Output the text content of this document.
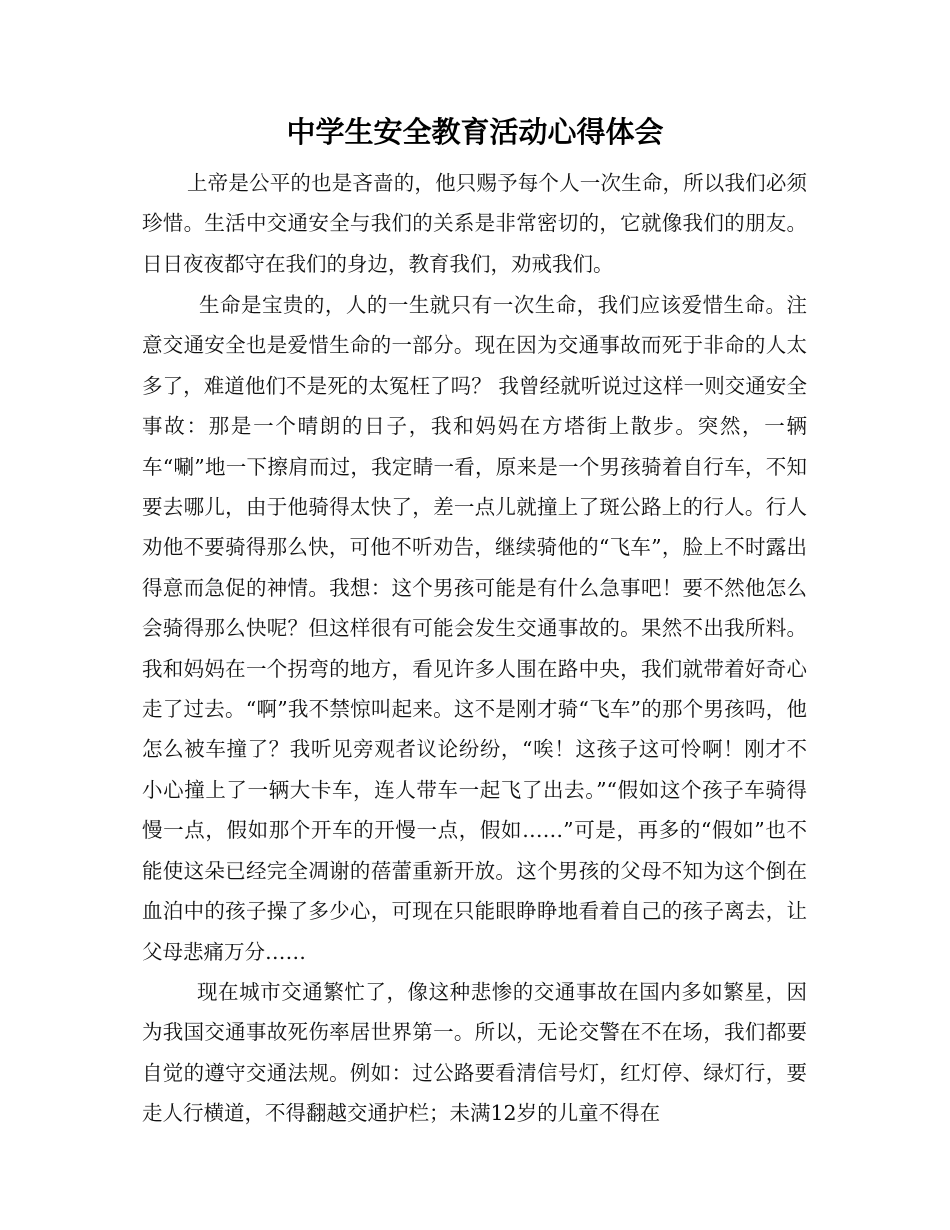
中学生安全教育活动心得体会

上帝是公平的也是吝啬的，他只赐予每个人一次生命，所以我们必须珍惜。生活中交通安全与我们的关系是非常密切的，它就像我们的朋友。日日夜夜都守在我们的身边，教育我们，劝戒我们。

生命是宝贵的，人的一生就只有一次生命，我们应该爱惜生命。注意交通安全也是爱惜生命的一部分。现在因为交通事故而死于非命的人太多了，难道他们不是死的太冤枉了吗？ 我曾经就听说过这样一则交通安全事故：那是一个晴朗的日子，我和妈妈在方塔街上散步。突然，一辆车“唰”地一下擦肩而过，我定睛一看，原来是一个男孩骑着自行车，不知要去哪儿，由于他骑得太快了，差一点儿就撞上了斑公路上的行人。行人劝他不要骑得那么快，可他不听劝告，继续骑他的“飞车”，脸上不时露出得意而急促的神情。我想：这个男孩可能是有什么急事吧！要不然他怎么会骑得那么快呢？但这样很有可能会发生交通事故的。果然不出我所料。我和妈妈在一个拐弯的地方，看见许多人围在路中央，我们就带着好奇心走了过去。“啊”我不禁惊叫起来。这不是刚才骑“飞车”的那个男孩吗，他怎么被车撞了？我听见旁观者议论纷纷，“唉！这孩子这可怜啊！刚才不小心撞上了一辆大卡车，连人带车一起飞了出去。”“假如这个孩子车骑得慢一点，假如那个开车的开慢一点，假如……”可是，再多的“假如”也不能使这朵已经完全凋谢的蓓蕾重新开放。这个男孩的父母不知为这个倒在血泊中的孩子操了多少心，可现在只能眼睁睁地看着自己的孩子离去，让父母悲痛万分……

现在城市交通繁忙了，像这种悲惨的交通事故在国内多如繁星，因为我国交通事故死伤率居世界第一。所以，无论交警在不在场，我们都要自觉的遵守交通法规。例如：过公路要看清信号灯，红灯停、绿灯行，要走人行横道，不得翻越交通护栏；未满12岁的儿童不得在
